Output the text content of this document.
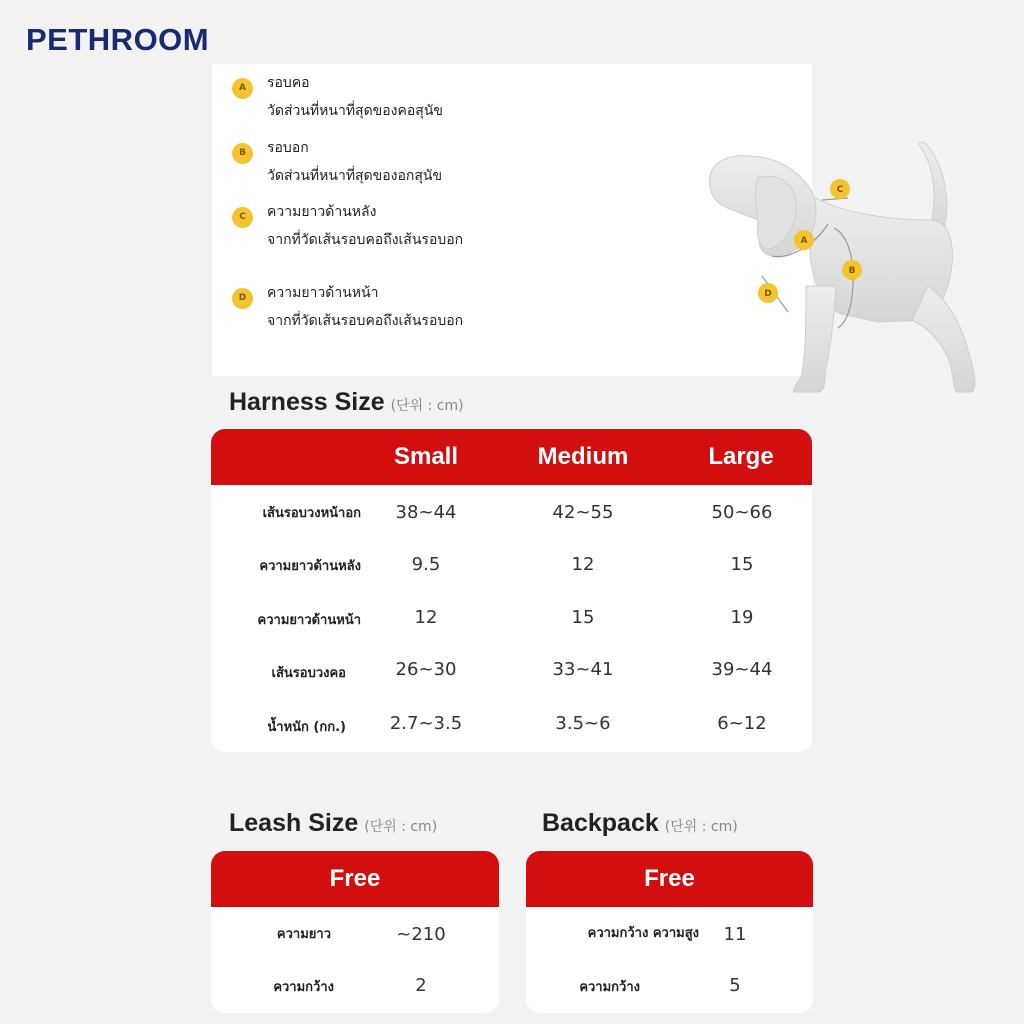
PETHROOM
A	รอบคอ
วัดส่วนที่หนาที่สุดของคอสุนัข
B	รอบอก
วัดส่วนที่หนาที่สุดของอกสุนัข
C	ความยาวด้านหลัง
จากที่วัดเส้นรอบคอถึงเส้นรอบอก
D	ความยาวด้านหน้า
จากที่วัดเส้นรอบคอถึงเส้นรอบอก
A
B
C
D
Harness Size (단위 : cm)
Small	Medium	Large
เส้นรอบวงหน้าอก	38~44	42~55	50~66
ความยาวด้านหลัง	9.5	12	15
ความยาวด้านหน้า	12	15	19
เส้นรอบวงคอ	26~30	33~41	39~44
น้ำหนัก (กก.)	2.7~3.5	3.5~6	6~12
Leash Size (단위 : cm)
Free
ความยาว	~210
ความกว้าง	2
Backpack (단위 : cm)
Free
ความกว้าง ความสูง	11
ความกว้าง	5
